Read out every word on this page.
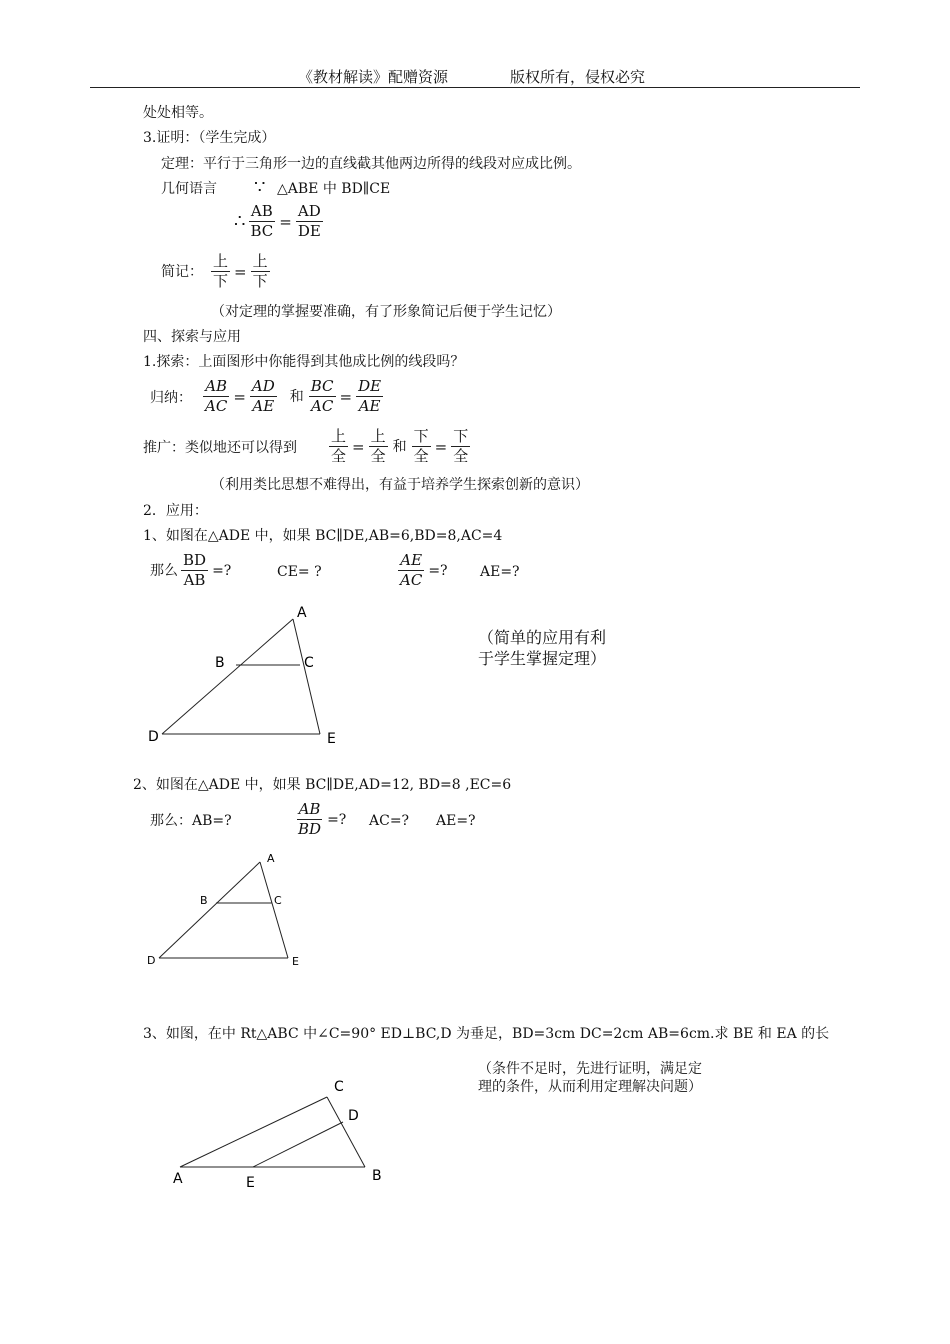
《教材解读》配赠资源	版权所有，侵权必究
处处相等。
3.证明：（学生完成）
定理：平行于三角形一边的直线截其他两边所得的线段对应成比例。
几何语言 ∵ △ABE 中 BD∥CE
∴ $\frac{AB}{BC} = \frac{AD}{DE}$
简记： $\frac{\text{上}}{\text{下}} = \frac{\text{上}}{\text{下}}$
（对定理的掌握要准确，有了形象简记后便于学生记忆）
四、探索与应用
1.探索：上面图形中你能得到其他成比例的线段吗？
归纳： $\frac{AB}{AC} = \frac{AD}{AE}$ 和 $\frac{BC}{AC} = \frac{DE}{AE}$
推广：类似地还可以得到 $\frac{\text{上}}{\text{全}} = \frac{\text{上}}{\text{全}}$ 和 $\frac{\text{下}}{\text{全}} = \frac{\text{下}}{\text{全}}$
（利用类比思想不难得出，有益于培养学生探索创新的意识）
2．应用：
1、如图在△ADE 中，如果 BC∥DE,AB=6,BD=8,AC=4
那么 $\frac{BD}{AB}$ =?	CE= ?	$\frac{AE}{AC}$ =? AE=?
A
B	C
D	E
（简单的应用有利
于学生掌握定理）
2、如图在△ADE 中，如果 BC∥DE,AD=12, BD=8 ,EC=6
那么：AB=?	$\frac{AB}{BD}$ =? AC=? AE=?
A
B	C
D	E
3、如图，在中 Rt△ABC 中∠C=90° ED⊥BC,D 为垂足，BD=3cm DC=2cm AB=6cm.求 BE 和 EA 的长
（条件不足时，先进行证明，满足定
理的条件，从而利用定理解决问题）
C
D
A	E	B
